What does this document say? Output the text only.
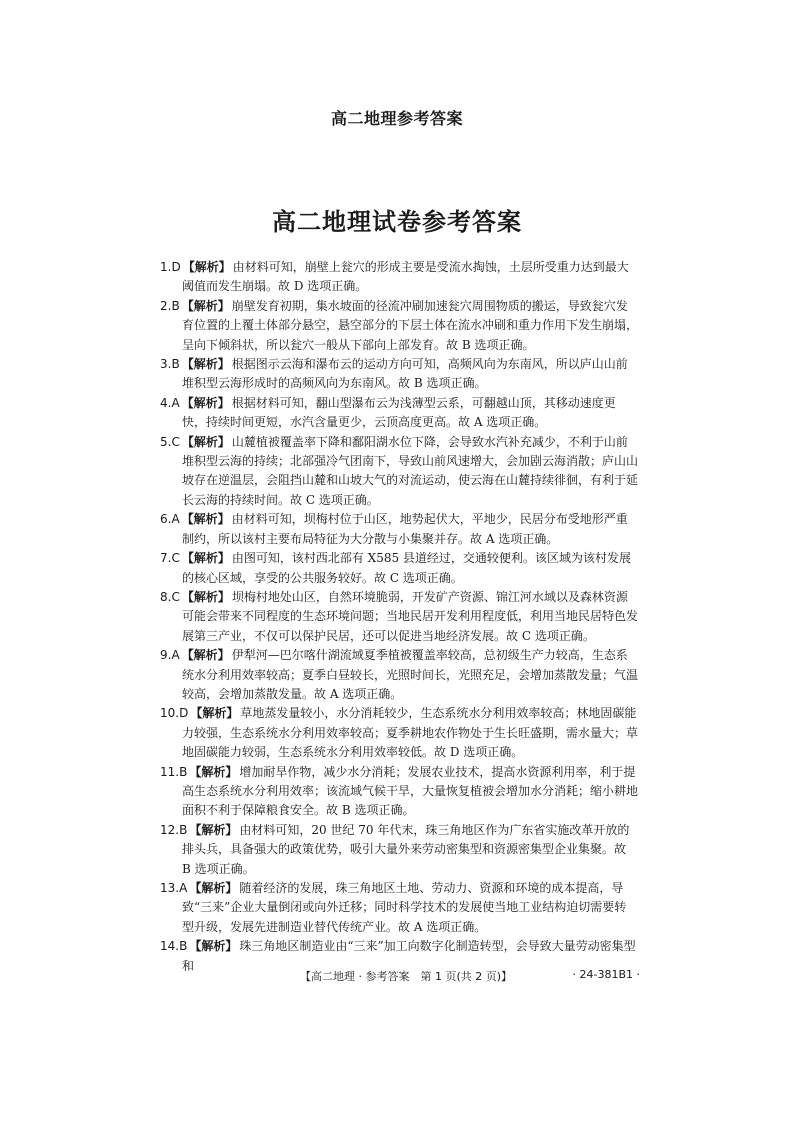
高二地理参考答案
高二地理试卷参考答案

1.D 【解析】 由材料可知，崩壁上瓮穴的形成主要是受流水掏蚀，土层所受重力达到最大阈值而发生崩塌。故 D 选项正确。

2.B 【解析】 崩壁发育初期，集水坡面的径流冲刷加速瓮穴周围物质的搬运，导致瓮穴发育位置的上覆土体部分悬空，悬空部分的下层土体在流水冲刷和重力作用下发生崩塌，呈向下倾斜状，所以瓮穴一般从下部向上部发育。故 B 选项正确。

3.B 【解析】 根据图示云海和瀑布云的运动方向可知，高频风向为东南风，所以庐山山前堆积型云海形成时的高频风向为东南风。故 B 选项正确。

4.A 【解析】 根据材料可知，翻山型瀑布云为浅薄型云系，可翻越山顶，其移动速度更快，持续时间更短，水汽含量更少，云顶高度更高。故 A 选项正确。

5.C 【解析】 山麓植被覆盖率下降和鄱阳湖水位下降，会导致水汽补充减少，不利于山前堆积型云海的持续；北部强冷气团南下，导致山前风速增大，会加剧云海消散；庐山山坡存在逆温层，会阻挡山麓和山坡大气的对流运动，使云海在山麓持续徘徊，有利于延长云海的持续时间。故 C 选项正确。

6.A 【解析】 由材料可知，坝梅村位于山区，地势起伏大，平地少，民居分布受地形严重制约，所以该村主要布局特征为大分散与小集聚并存。故 A 选项正确。

7.C 【解析】 由图可知，该村西北部有 X585 县道经过，交通较便利。该区域为该村发展的核心区域，享受的公共服务较好。故 C 选项正确。

8.C 【解析】 坝梅村地处山区，自然环境脆弱，开发矿产资源、锦江河水域以及森林资源可能会带来不同程度的生态环境问题；当地民居开发利用程度低，利用当地民居特色发展第三产业，不仅可以保护民居，还可以促进当地经济发展。故 C 选项正确。

9.A 【解析】 伊犁河—巴尔喀什湖流域夏季植被覆盖率较高，总初级生产力较高，生态系统水分利用效率较高；夏季白昼较长，光照时间长，光照充足，会增加蒸散发量；气温较高，会增加蒸散发量。故 A 选项正确。

10.D 【解析】 草地蒸发量较小，水分消耗较少，生态系统水分利用效率较高；林地固碳能力较强，生态系统水分利用效率较高；夏季耕地农作物处于生长旺盛期，需水量大；草地固碳能力较弱，生态系统水分利用效率较低。故 D 选项正确。

11.B 【解析】 增加耐旱作物，减少水分消耗；发展农业技术，提高水资源利用率，利于提高生态系统水分利用效率；该流域气候干旱，大量恢复植被会增加水分消耗；缩小耕地面积不利于保障粮食安全。故 B 选项正确。

12.B 【解析】 由材料可知，20 世纪 70 年代末，珠三角地区作为广东省实施改革开放的排头兵，具备强大的政策优势，吸引大量外来劳动密集型和资源密集型企业集聚。故 B 选项正确。

13.A 【解析】 随着经济的发展，珠三角地区土地、劳动力、资源和环境的成本提高，导致“三来”企业大量倒闭或向外迁移；同时科学技术的发展使当地工业结构迫切需要转型升级，发展先进制造业替代传统产业。故 A 选项正确。

14.B 【解析】 珠三角地区制造业由“三来”加工向数字化制造转型，会导致大量劳动密集型和

【高二地理 · 参考答案　第 1 页(共 2 页)】	· 24-381B1 ·
